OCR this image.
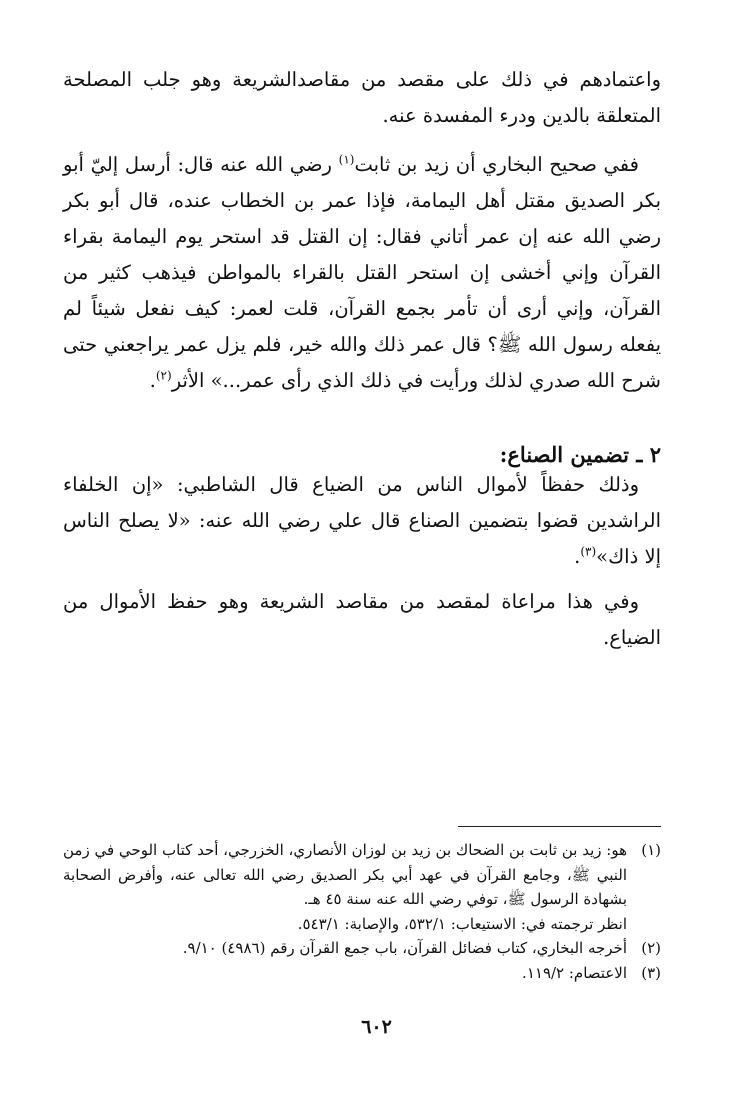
واعتمادهم في ذلك على مقصد من مقاصدالشريعة وهو جلب المصلحة المتعلقة بالدين ودرء المفسدة عنه.
ففي صحيح البخاري أن زيد بن ثابت$^{(١)}$ رضي الله عنه قال: أرسل إليّ أبو بكر الصديق مقتل أهل اليمامة، فإذا عمر بن الخطاب عنده، قال أبو بكر رضي الله عنه إن عمر أتاني فقال: إن القتل قد استحر يوم اليمامة بقراء القرآن وإني أخشى إن استحر القتل بالقراء بالمواطن فيذهب كثير من القرآن، وإني أرى أن تأمر بجمع القرآن، قلت لعمر: كيف نفعل شيئاً لم يفعله رسول الله ﷺ؟ قال عمر ذلك والله خير، فلم يزل عمر يراجعني حتى شرح الله صدري لذلك ورأيت في ذلك الذي رأى عمر...» الأثر$^{(٢)}$.
٢ ـ تضمين الصناع:
وذلك حفظاً لأموال الناس من الضياع قال الشاطبي: «إن الخلفاء الراشدين قضوا بتضمين الصناع قال علي رضي الله عنه: «لا يصلح الناس إلا ذاك»$^{(٣)}$.
وفي هذا مراعاة لمقصد من مقاصد الشريعة وهو حفظ الأموال من الضياع.
(١)
هو: زيد بن ثابت بن الضحاك بن زيد بن لوزان الأنصاري، الخزرجي، أحد كتاب الوحي في زمن النبي ﷺ، وجامع القرآن في عهد أبي بكر الصديق رضي الله تعالى عنه، وأفرض الصحابة بشهادة الرسول ﷺ، توفي رضي الله عنه سنة ٤٥ هـ.
انظر ترجمته في: الاستيعاب: ٥٣٢/١، والإصابة: ٥٤٣/١.
(٢)
أخرجه البخاري، كتاب فضائل القرآن، باب جمع القرآن رقم (٤٩٨٦) ٩/١٠.
(٣)
الاعتصام: ١١٩/٢.
٦٠٢
